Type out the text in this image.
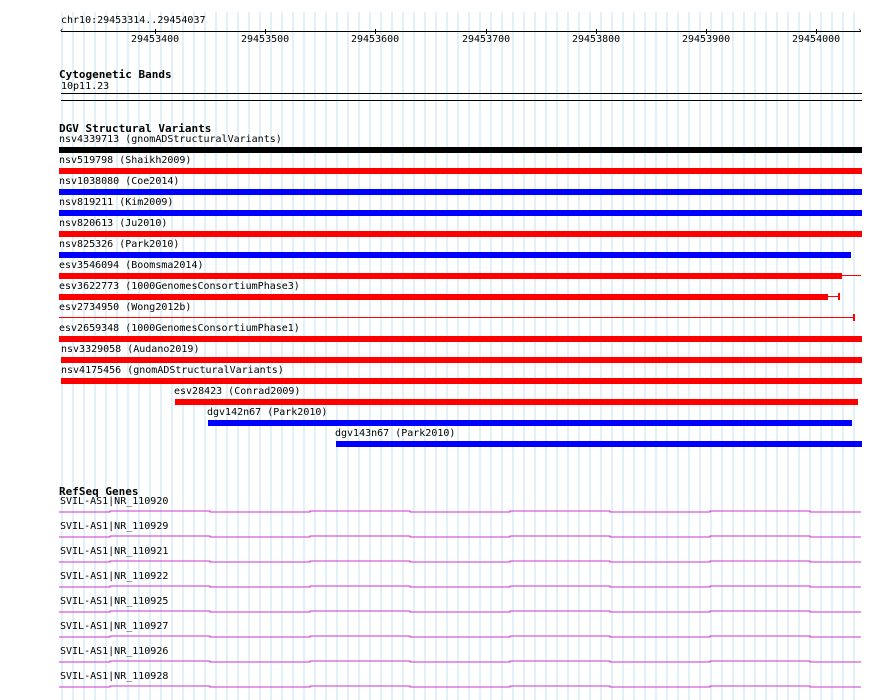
chr10:29453314..29454037
‹	›
29453400	29453500	29453600	29453700	29453800	29453900	29454000
Cytogenetic Bands
10p11.23
DGV Structural Variants
nsv4339713 (gnomADStructuralVariants)
nsv519798 (Shaikh2009)
nsv1038080 (Coe2014)
nsv819211 (Kim2009)
nsv820613 (Ju2010)
nsv825326 (Park2010)
esv3546094 (Boomsma2014)
esv3622773 (1000GenomesConsortiumPhase3)
esv2734950 (Wong2012b)
esv2659348 (1000GenomesConsortiumPhase1)
nsv3329058 (Audano2019)
nsv4175456 (gnomADStructuralVariants)
esv28423 (Conrad2009)
dgv142n67 (Park2010)
dgv143n67 (Park2010)
RefSeq Genes
SVIL-AS1|NR_110920
SVIL-AS1|NR_110929
SVIL-AS1|NR_110921
SVIL-AS1|NR_110922
SVIL-AS1|NR_110925
SVIL-AS1|NR_110927
SVIL-AS1|NR_110926
SVIL-AS1|NR_110928
